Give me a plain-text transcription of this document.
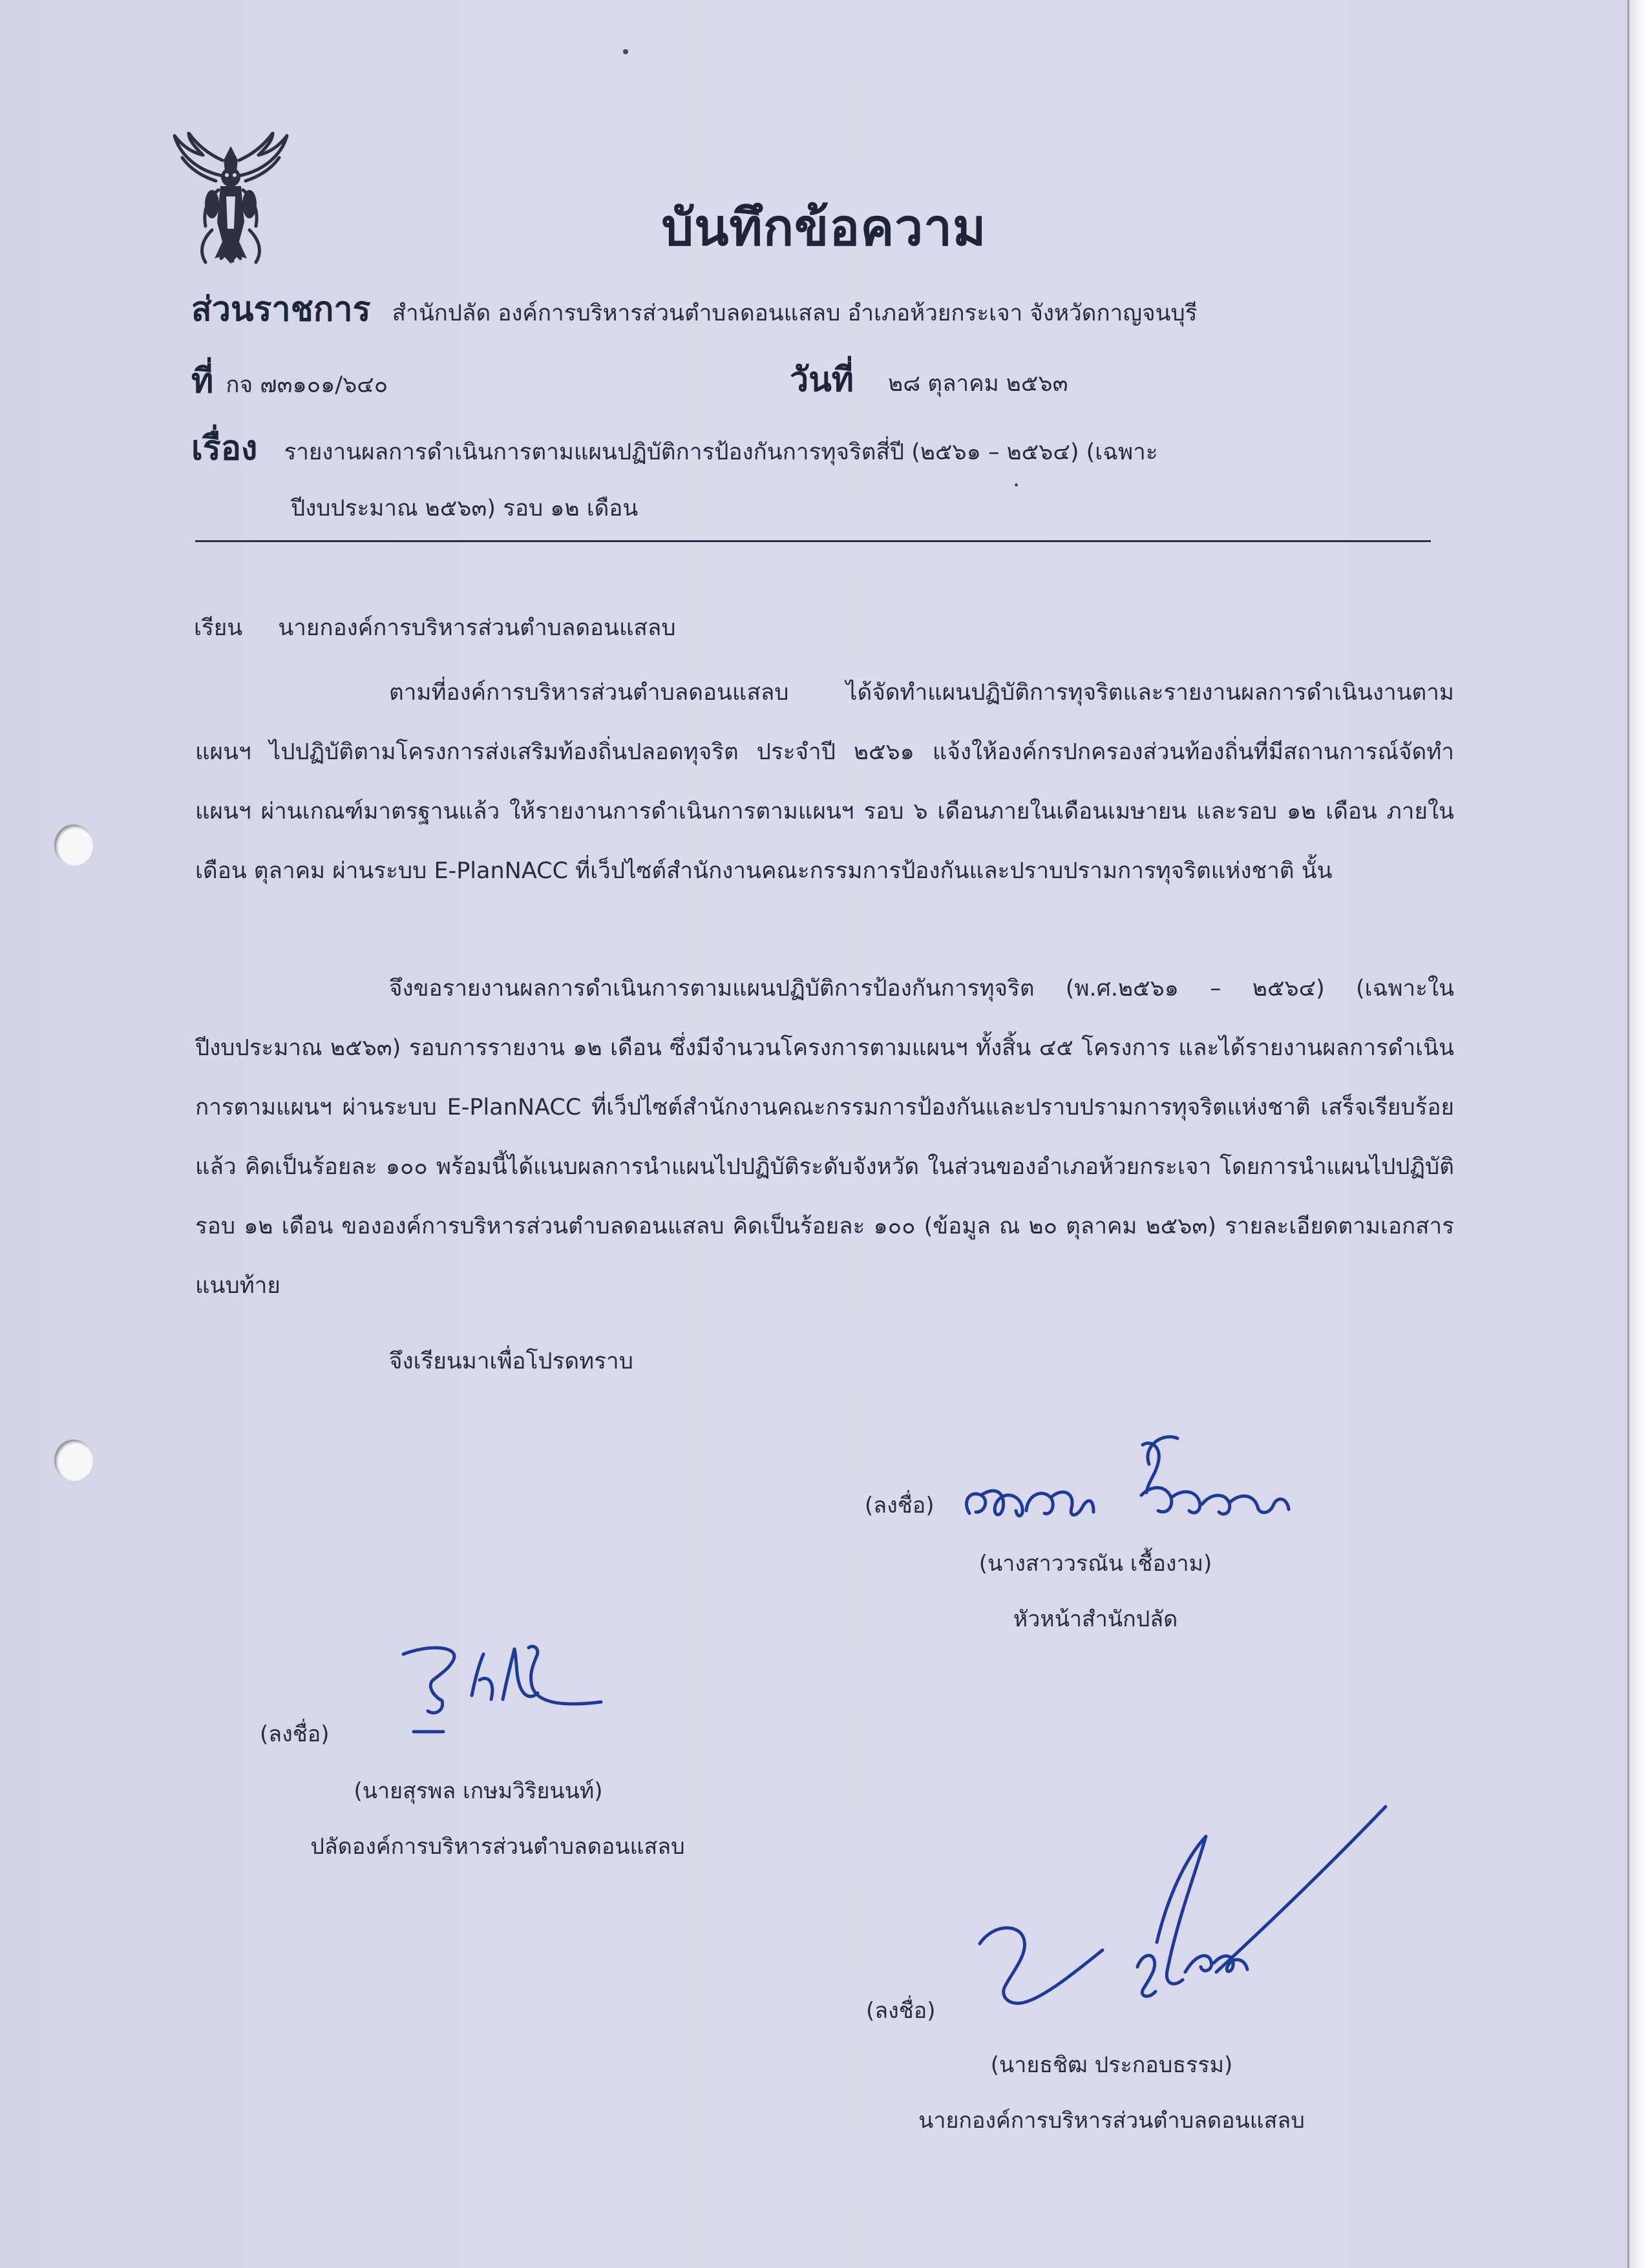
บันทึกข้อความ
ส่วนราชการ สำนักปลัด องค์การบริหารส่วนตำบลดอนแสลบ อำเภอห้วยกระเจา จังหวัดกาญจนบุรี
ที่ กจ ๗๓๑๐๑/๖๔๐	วันที่ ๒๘ ตุลาคม ๒๕๖๓
เรื่อง รายงานผลการดำเนินการตามแผนปฏิบัติการป้องกันการทุจริตสี่ปี (๒๕๖๑ – ๒๕๖๔) (เฉพาะ
ปีงบประมาณ ๒๕๖๓) รอบ ๑๒ เดือน
เรียน นายกองค์การบริหารส่วนตำบลดอนแสลบ

ตามที่องค์การบริหารส่วนตำบลดอนแสลบ ได้จัดทำแผนปฏิบัติการทุจริตและรายงานผลการดำเนินงานตามแผนฯ ไปปฏิบัติตามโครงการส่งเสริมท้องถิ่นปลอดทุจริต ประจำปี ๒๕๖๑ แจ้งให้องค์กรปกครองส่วนท้องถิ่นที่มีสถานการณ์จัดทำแผนฯ ผ่านเกณฑ์มาตรฐานแล้ว ให้รายงานการดำเนินการตามแผนฯ รอบ ๖ เดือนภายในเดือนเมษายน และรอบ ๑๒ เดือน ภายในเดือน ตุลาคม ผ่านระบบ E-PlanNACC ที่เว็ปไซต์สำนักงานคณะกรรมการป้องกันและปราบปรามการทุจริตแห่งชาติ นั้น

จึงขอรายงานผลการดำเนินการตามแผนปฏิบัติการป้องกันการทุจริต (พ.ศ.๒๕๖๑ – ๒๕๖๔) (เฉพาะในปีงบประมาณ ๒๕๖๓) รอบการรายงาน ๑๒ เดือน ซึ่งมีจำนวนโครงการตามแผนฯ ทั้งสิ้น ๔๕ โครงการ และได้รายงานผลการดำเนินการตามแผนฯ ผ่านระบบ E-PlanNACC ที่เว็ปไซต์สำนักงานคณะกรรมการป้องกันและปราบปรามการทุจริตแห่งชาติ เสร็จเรียบร้อยแล้ว คิดเป็นร้อยละ ๑๐๐ พร้อมนี้ได้แนบผลการนำแผนไปปฏิบัติระดับจังหวัด ในส่วนของอำเภอห้วยกระเจา โดยการนำแผนไปปฏิบัติ รอบ ๑๒ เดือน ขององค์การบริหารส่วนตำบลดอนแสลบ คิดเป็นร้อยละ ๑๐๐ (ข้อมูล ณ ๒๐ ตุลาคม ๒๕๖๓) รายละเอียดตามเอกสารแนบท้าย

จึงเรียนมาเพื่อโปรดทราบ
(ลงชื่อ)
(นางสาววรณัน เชื้องาม)
หัวหน้าสำนักปลัด
(ลงชื่อ)
(นายสุรพล เกษมวิริยนนท์)
ปลัดองค์การบริหารส่วนตำบลดอนแสลบ
(ลงชื่อ)
(นายธชิฒ ประกอบธรรม)
นายกองค์การบริหารส่วนตำบลดอนแสลบ
